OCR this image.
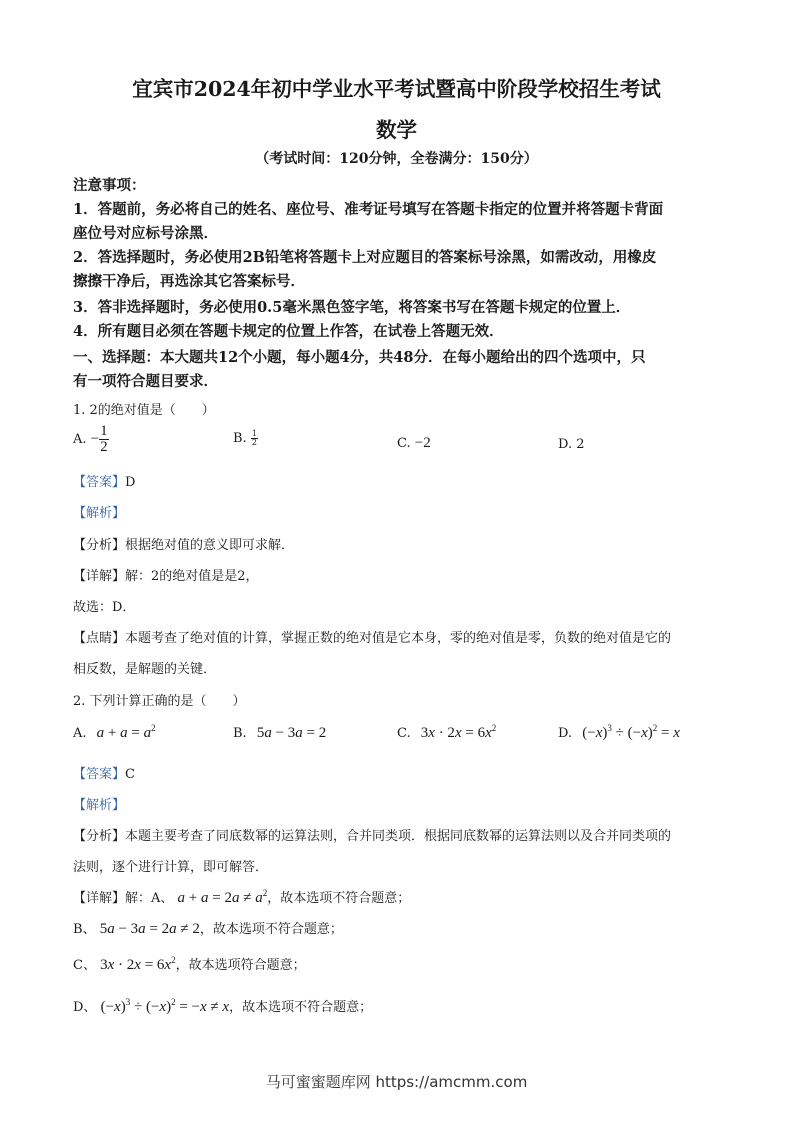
宜宾市2024年初中学业水平考试暨高中阶段学校招生考试
数学
（考试时间：120分钟，全卷满分：150分）
注意事项：
1．答题前，务必将自己的姓名、座位号、准考证号填写在答题卡指定的位置并将答题卡背面
座位号对应标号涂黑．
2．答选择题时，务必使用2B铅笔将答题卡上对应题目的答案标号涂黑，如需改动，用橡皮
擦擦干净后，再选涂其它答案标号．
3．答非选择题时，务必使用0.5毫米黑色签字笔，将答案书写在答题卡规定的位置上．
4．所有题目必须在答题卡规定的位置上作答，在试卷上答题无效．
一、选择题：本大题共12个小题，每小题4分，共48分．在每小题给出的四个选项中，只
有一项符合题目要求．
1. 2的绝对值是（　　）
A. − $\frac{1}{2}$	B. $\frac{1}{2}$	C. −2	D. 2
【答案】D
【解析】
【分析】根据绝对值的意义即可求解．
【详解】解：2的绝对值是是2，
故选：D．
【点睛】本题考查了绝对值的计算，掌握正数的绝对值是它本身，零的绝对值是零，负数的绝对值是它的
相反数，是解题的关键．
2. 下列计算正确的是（　　）
A. $a + a = a^2$	B. 5a − 3a = 2	C. $3x \cdot 2x = 6x^2$	D. $(-x)^3 \div (-x)^2 = x$
【答案】C
【解析】
【分析】本题主要考查了同底数幂的运算法则，合并同类项．根据同底数幂的运算法则以及合并同类项的
法则，逐个进行计算，即可解答．
【详解】解：A、 $a + a = 2a \ne a^2$，故本选项不符合题意；
B、 5a − 3a = 2a ≠ 2，故本选项不符合题意；
C、 $3x \cdot 2x = 6x^2$，故本选项符合题意；
D、 $(-x)^3 \div (-x)^2 = -x \ne x$，故本选项不符合题意；
马可蜜蜜题库网 https://amcmm.com
